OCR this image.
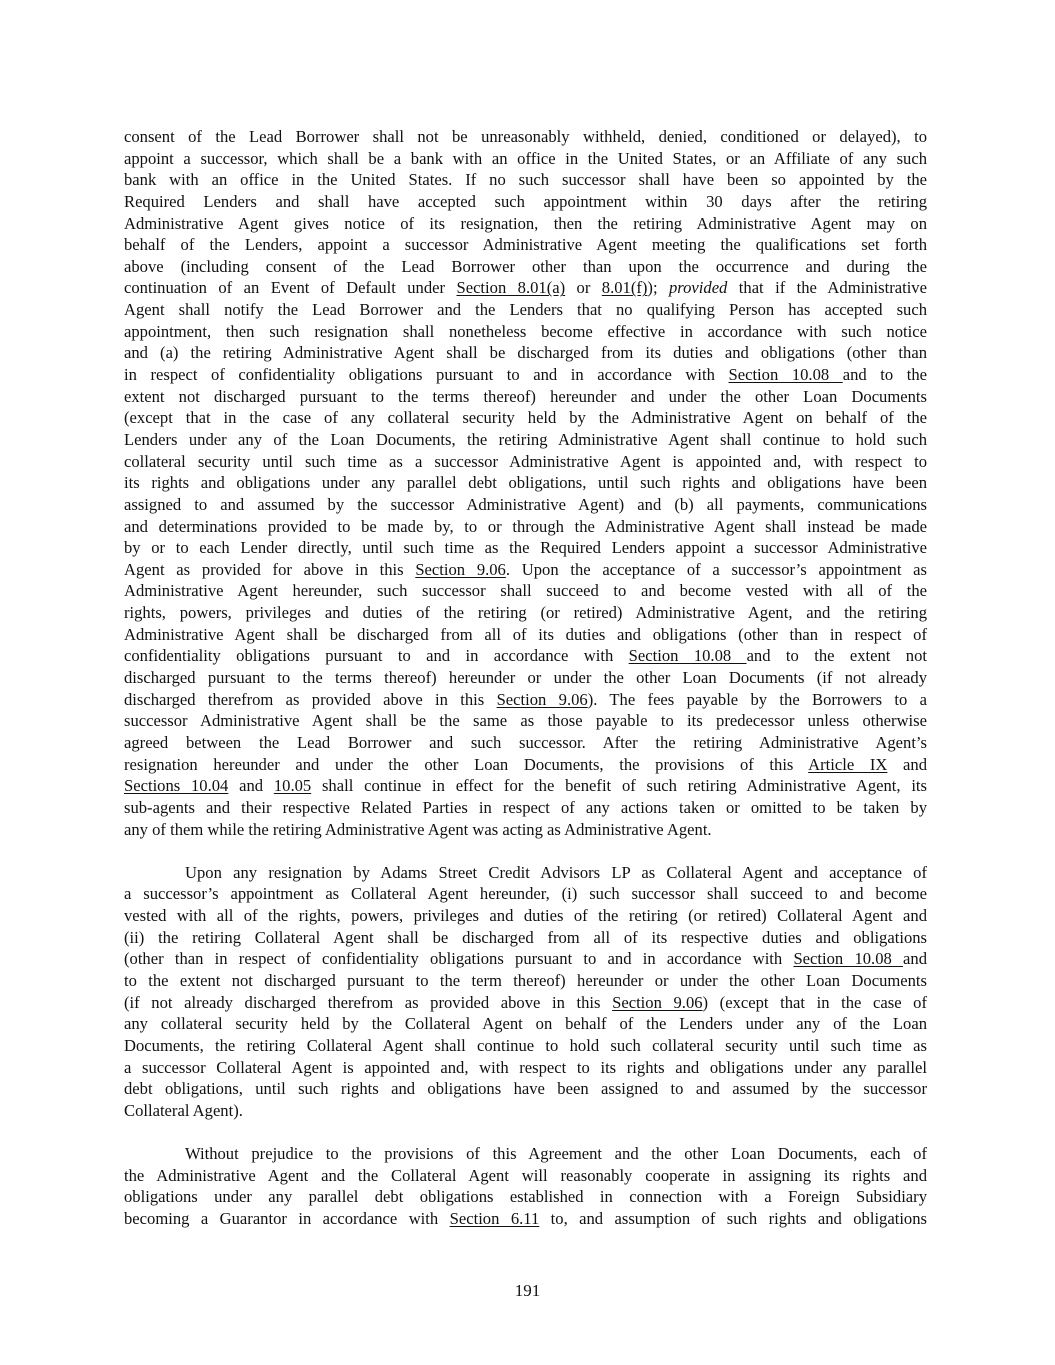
consent of the Lead Borrower shall not be unreasonably withheld, denied, conditioned or delayed), to
appoint a successor, which shall be a bank with an office in the United States, or an Affiliate of any such
bank with an office in the United States. If no such successor shall have been so appointed by the
Required Lenders and shall have accepted such appointment within 30 days after the retiring
Administrative Agent gives notice of its resignation, then the retiring Administrative Agent may on
behalf of the Lenders, appoint a successor Administrative Agent meeting the qualifications set forth
above (including consent of the Lead Borrower other than upon the occurrence and during the
continuation of an Event of Default under Section 8.01(a) or 8.01(f)); provided that if the Administrative
Agent shall notify the Lead Borrower and the Lenders that no qualifying Person has accepted such
appointment, then such resignation shall nonetheless become effective in accordance with such notice
and (a) the retiring Administrative Agent shall be discharged from its duties and obligations (other than
in respect of confidentiality obligations pursuant to and in accordance with Section 10.08 and to the
extent not discharged pursuant to the terms thereof) hereunder and under the other Loan Documents
(except that in the case of any collateral security held by the Administrative Agent on behalf of the
Lenders under any of the Loan Documents, the retiring Administrative Agent shall continue to hold such
collateral security until such time as a successor Administrative Agent is appointed and, with respect to
its rights and obligations under any parallel debt obligations, until such rights and obligations have been
assigned to and assumed by the successor Administrative Agent) and (b) all payments, communications
and determinations provided to be made by, to or through the Administrative Agent shall instead be made
by or to each Lender directly, until such time as the Required Lenders appoint a successor Administrative
Agent as provided for above in this Section 9.06. Upon the acceptance of a successor’s appointment as
Administrative Agent hereunder, such successor shall succeed to and become vested with all of the
rights, powers, privileges and duties of the retiring (or retired) Administrative Agent, and the retiring
Administrative Agent shall be discharged from all of its duties and obligations (other than in respect of
confidentiality obligations pursuant to and in accordance with Section 10.08 and to the extent not
discharged pursuant to the terms thereof) hereunder or under the other Loan Documents (if not already
discharged therefrom as provided above in this Section 9.06). The fees payable by the Borrowers to a
successor Administrative Agent shall be the same as those payable to its predecessor unless otherwise
agreed between the Lead Borrower and such successor. After the retiring Administrative Agent’s
resignation hereunder and under the other Loan Documents, the provisions of this Article IX and
Sections 10.04 and 10.05 shall continue in effect for the benefit of such retiring Administrative Agent, its
sub-agents and their respective Related Parties in respect of any actions taken or omitted to be taken by
any of them while the retiring Administrative Agent was acting as Administrative Agent.
Upon any resignation by Adams Street Credit Advisors LP as Collateral Agent and acceptance of
a successor’s appointment as Collateral Agent hereunder, (i) such successor shall succeed to and become
vested with all of the rights, powers, privileges and duties of the retiring (or retired) Collateral Agent and
(ii) the retiring Collateral Agent shall be discharged from all of its respective duties and obligations
(other than in respect of confidentiality obligations pursuant to and in accordance with Section 10.08 and
to the extent not discharged pursuant to the term thereof) hereunder or under the other Loan Documents
(if not already discharged therefrom as provided above in this Section 9.06) (except that in the case of
any collateral security held by the Collateral Agent on behalf of the Lenders under any of the Loan
Documents, the retiring Collateral Agent shall continue to hold such collateral security until such time as
a successor Collateral Agent is appointed and, with respect to its rights and obligations under any parallel
debt obligations, until such rights and obligations have been assigned to and assumed by the successor
Collateral Agent).
Without prejudice to the provisions of this Agreement and the other Loan Documents, each of
the Administrative Agent and the Collateral Agent will reasonably cooperate in assigning its rights and
obligations under any parallel debt obligations established in connection with a Foreign Subsidiary
becoming a Guarantor in accordance with Section 6.11 to, and assumption of such rights and obligations
191
